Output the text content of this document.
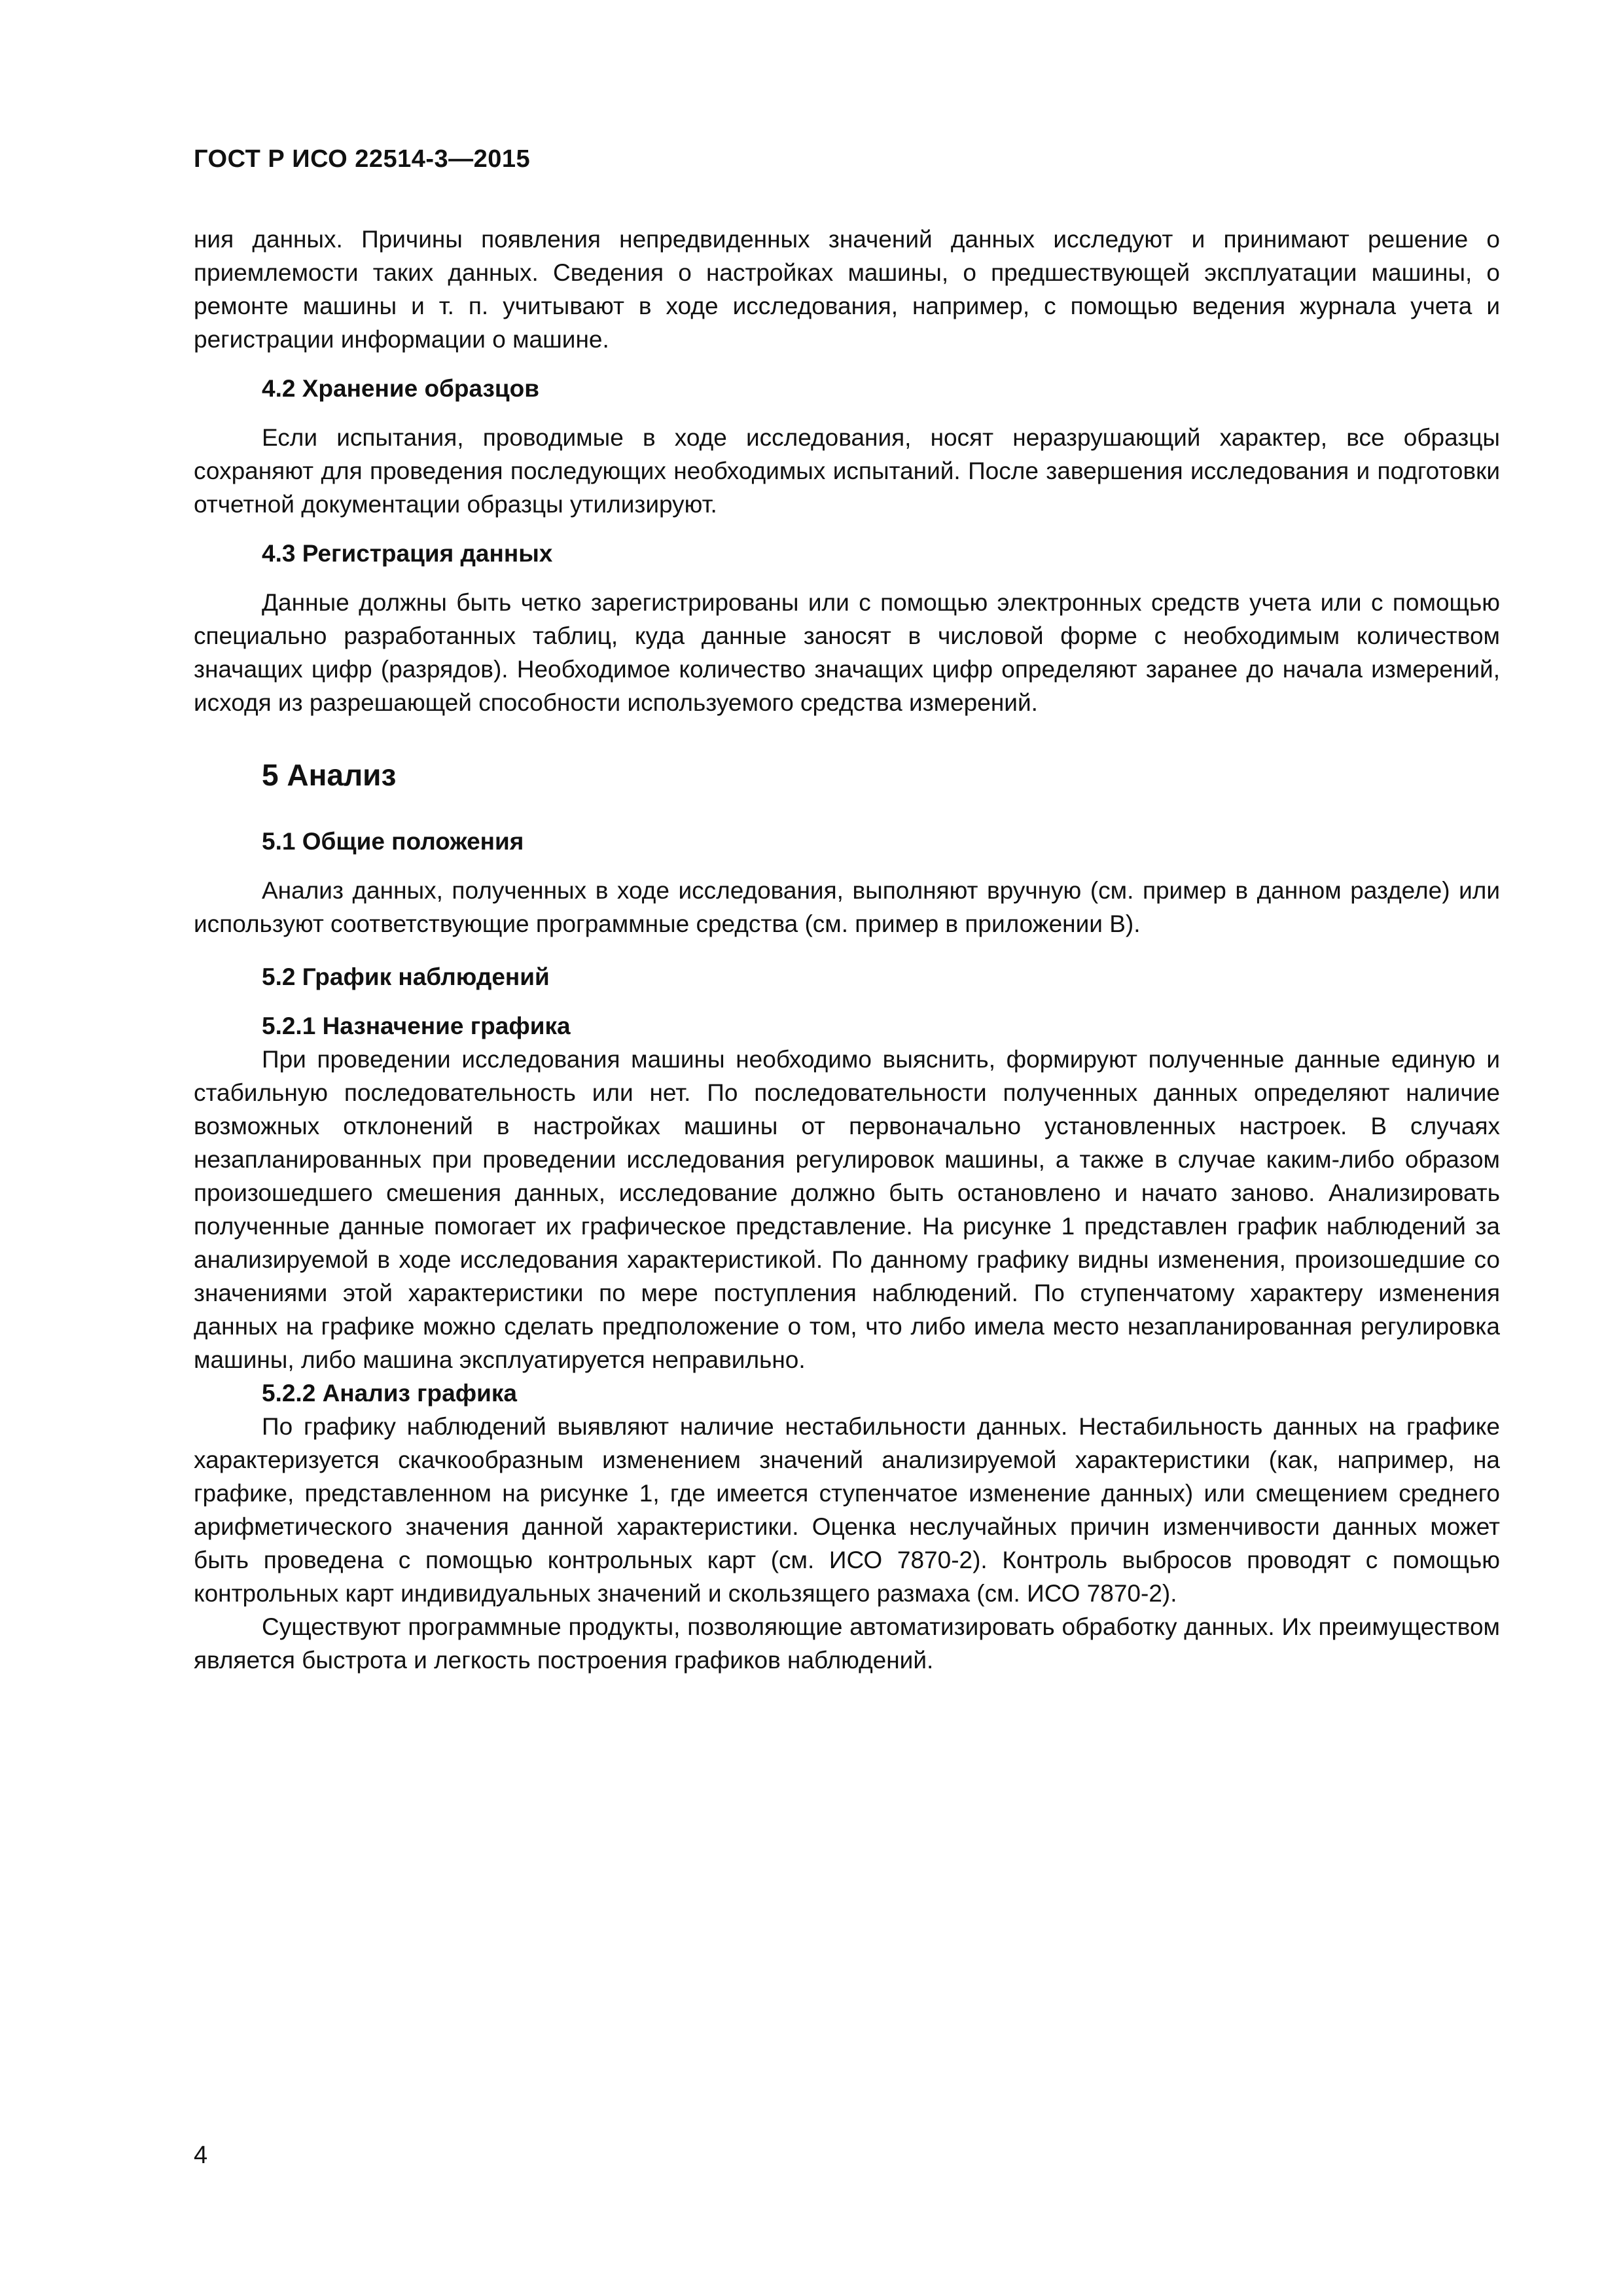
ГОСТ Р ИСО 22514-3—2015

ния данных. Причины появления непредвиденных значений данных исследуют и принимают решение о приемлемости таких данных. Сведения о настройках машины, о предшествующей эксплуатации машины, о ремонте машины и т. п. учитывают в ходе исследования, например, с помощью ведения журнала учета и регистрации информации о машине.

4.2 Хранение образцов

Если испытания, проводимые в ходе исследования, носят неразрушающий характер, все образцы сохраняют для проведения последующих необходимых испытаний. После завершения исследования и подготовки отчетной документации образцы утилизируют.

4.3 Регистрация данных

Данные должны быть четко зарегистрированы или с помощью электронных средств учета или с помощью специально разработанных таблиц, куда данные заносят в числовой форме с необходимым количеством значащих цифр (разрядов). Необходимое количество значащих цифр определяют заранее до начала измерений, исходя из разрешающей способности используемого средства измерений.

5 Анализ

5.1 Общие положения

Анализ данных, полученных в ходе исследования, выполняют вручную (см. пример в данном разделе) или используют соответствующие программные средства (см. пример в приложении В).

5.2 График наблюдений

5.2.1 Назначение графика

При проведении исследования машины необходимо выяснить, формируют полученные данные единую и стабильную последовательность или нет. По последовательности полученных данных определяют наличие возможных отклонений в настройках машины от первоначально установленных настроек. В случаях незапланированных при проведении исследования регулировок машины, а также в случае каким-либо образом произошедшего смешения данных, исследование должно быть остановлено и начато заново. Анализировать полученные данные помогает их графическое представление. На рисунке 1 представлен график наблюдений за анализируемой в ходе исследования характеристикой. По данному графику видны изменения, произошедшие со значениями этой характеристики по мере поступления наблюдений. По ступенчатому характеру изменения данных на графике можно сделать предположение о том, что либо имела место незапланированная регулировка машины, либо машина эксплуатируется неправильно.

5.2.2 Анализ графика

По графику наблюдений выявляют наличие нестабильности данных. Нестабильность данных на графике характеризуется скачкообразным изменением значений анализируемой характеристики (как, например, на графике, представленном на рисунке 1, где имеется ступенчатое изменение данных) или смещением среднего арифметического значения данной характеристики. Оценка неслучайных причин изменчивости данных может быть проведена с помощью контрольных карт (см. ИСО 7870-2). Контроль выбросов проводят с помощью контрольных карт индивидуальных значений и скользящего размаха (см. ИСО 7870-2).

Существуют программные продукты, позволяющие автоматизировать обработку данных. Их преимуществом является быстрота и легкость построения графиков наблюдений.

4
